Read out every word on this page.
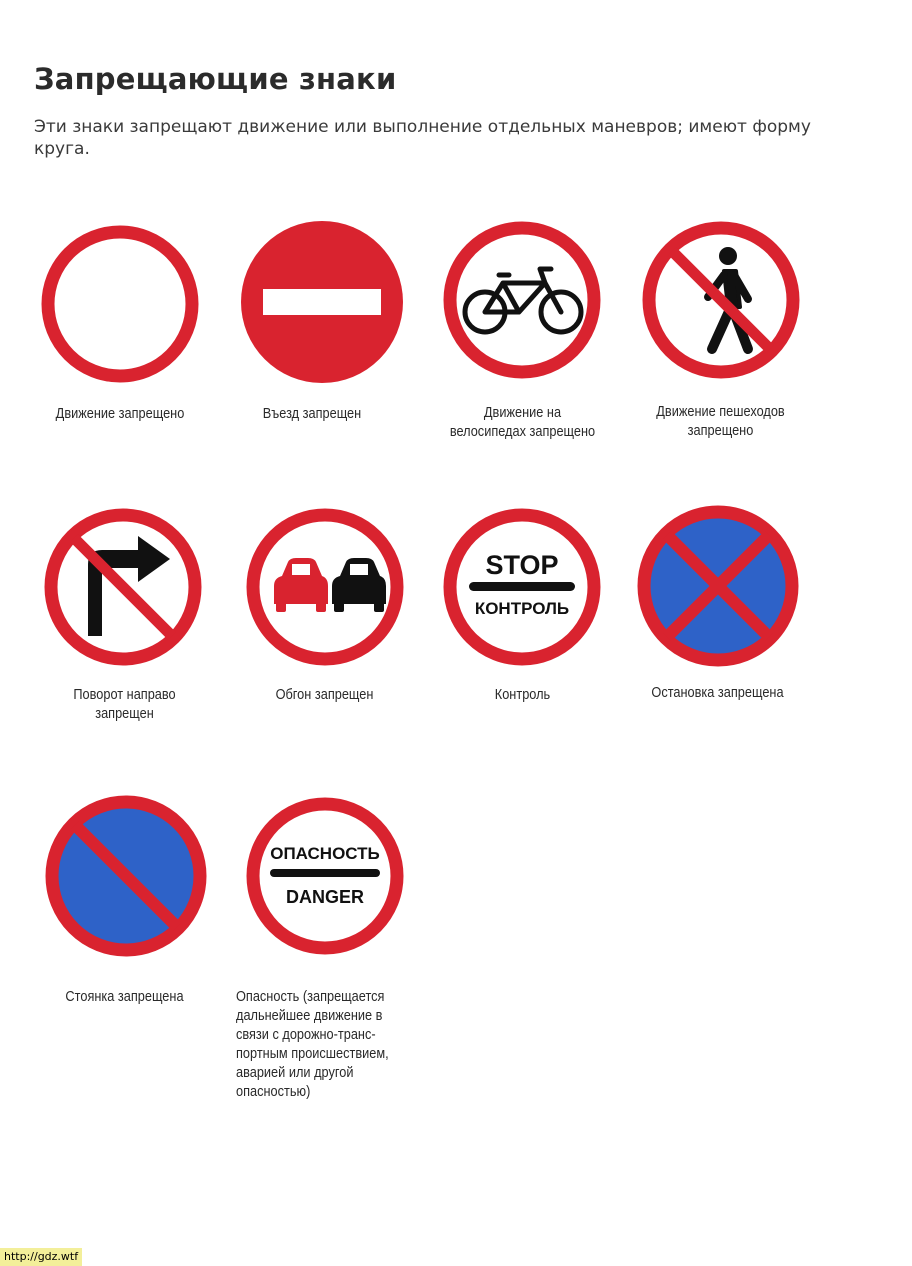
Запрещающие знаки

Эти знаки запрещают движение или выполнение отдельных маневров; имеют форму круга.

Движение запрещено	Въезд запрещен	Движение на
велосипедах запрещено
Движение пешеходов
запрещено
Поворот направо
запрещен

Обгон запрещен

STOP
КОНТРОЛЬ

Контроль	Остановка запрещена

Стоянка запрещена

ОПАСНОСТЬ
DANGER
Опасность (запрещается
дальнейшее движение в
связи с дорожно-транс-
портным происшествием,
аварией или другой
опасностью)
http://gdz.wtf
